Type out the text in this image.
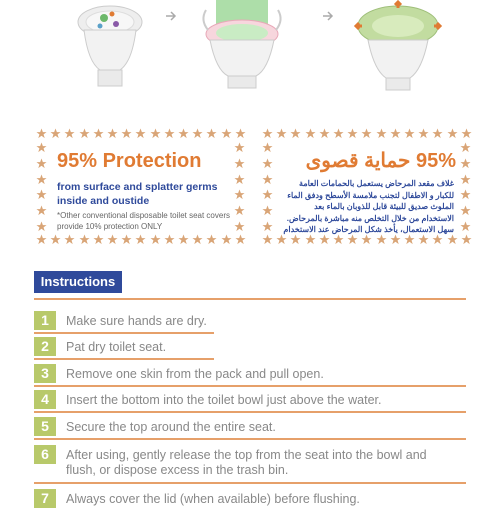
95% Protection
from surface and splatter germs inside and oustide
*Other conventional disposable toilet seat covers provide 10% protection ONLY
95% حماية قصوى
غلاف مقعد المرحاض يستعمل بالحمامات العامة للكبار و الاطفال لتجنب ملامسة الأسطح ودفق الماء الملوث صديق للبيئة قابل للذوبان بالماء بعد الاستخدام من خلال التخلص منه مباشرة بالمرحاض. سهل الاستعمال، يأخذ شكل المرحاض عند الاستخدام
Instructions
1	Make sure hands are dry.
2	Pat dry toilet seat.
3	Remove one skin from the pack and pull open.
4	Insert the bottom into the toilet bowl just above the water.
5	Secure the top around the entire seat.
6	After using, gently release the top from the seat into the bowl and
flush, or dispose excess in the trash bin.
7	Always cover the lid (when available) before flushing.
